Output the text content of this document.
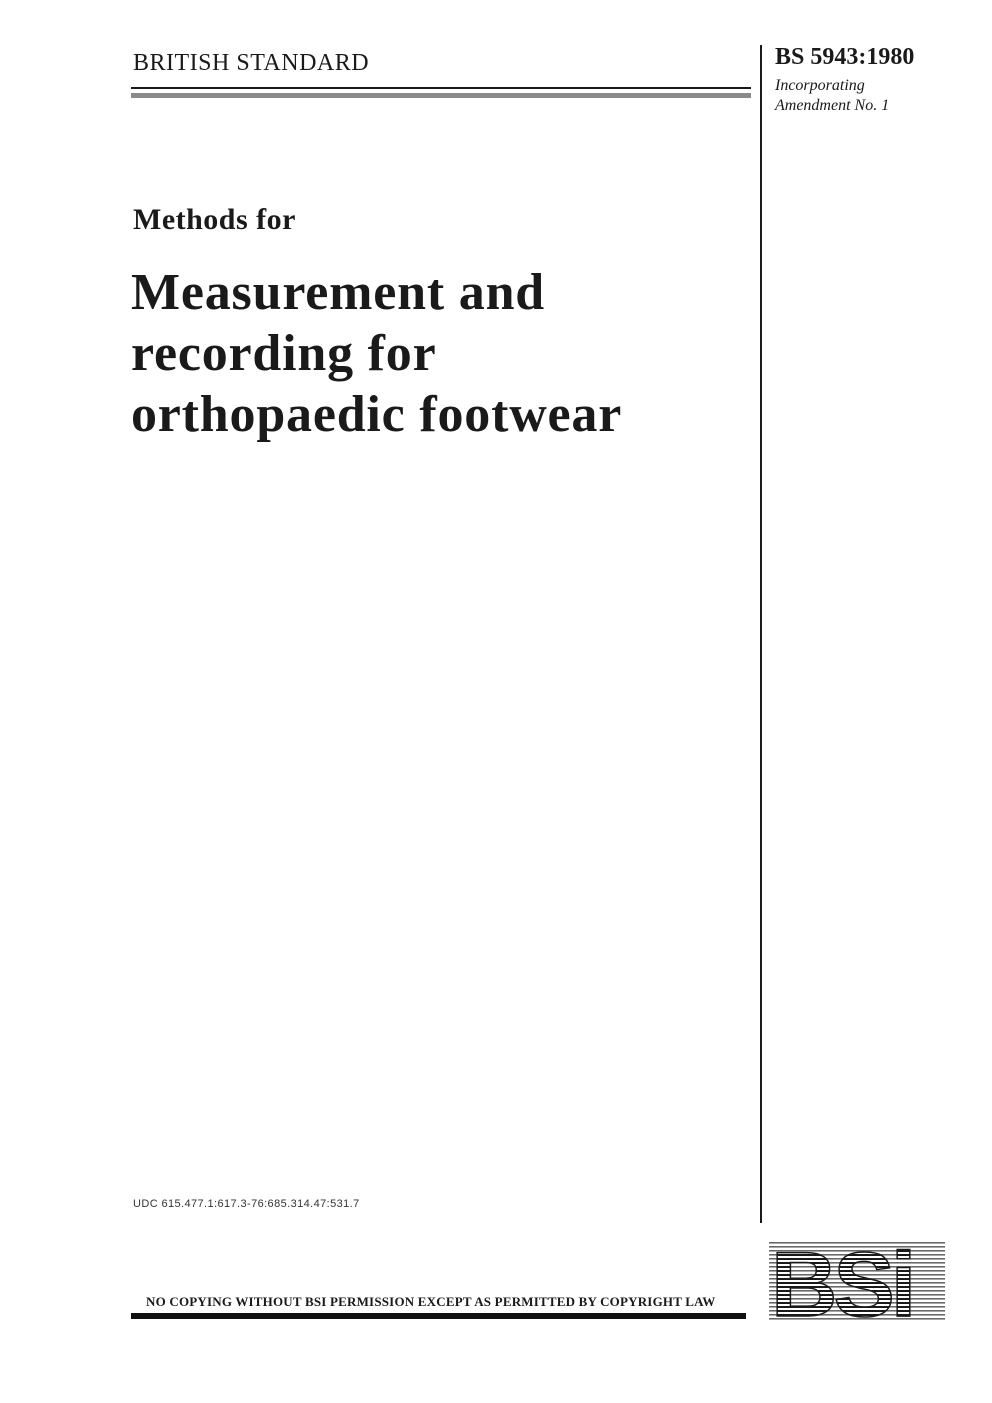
BRITISH STANDARD	BS 5943:1980
Incorporating
Amendment No. 1
Methods for
Measurement and
recording for
orthopaedic footwear
UDC 615.477.1:617.3-76:685.314.47:531.7
NO COPYING WITHOUT BSI PERMISSION EXCEPT AS PERMITTED BY COPYRIGHT LAW BSi
